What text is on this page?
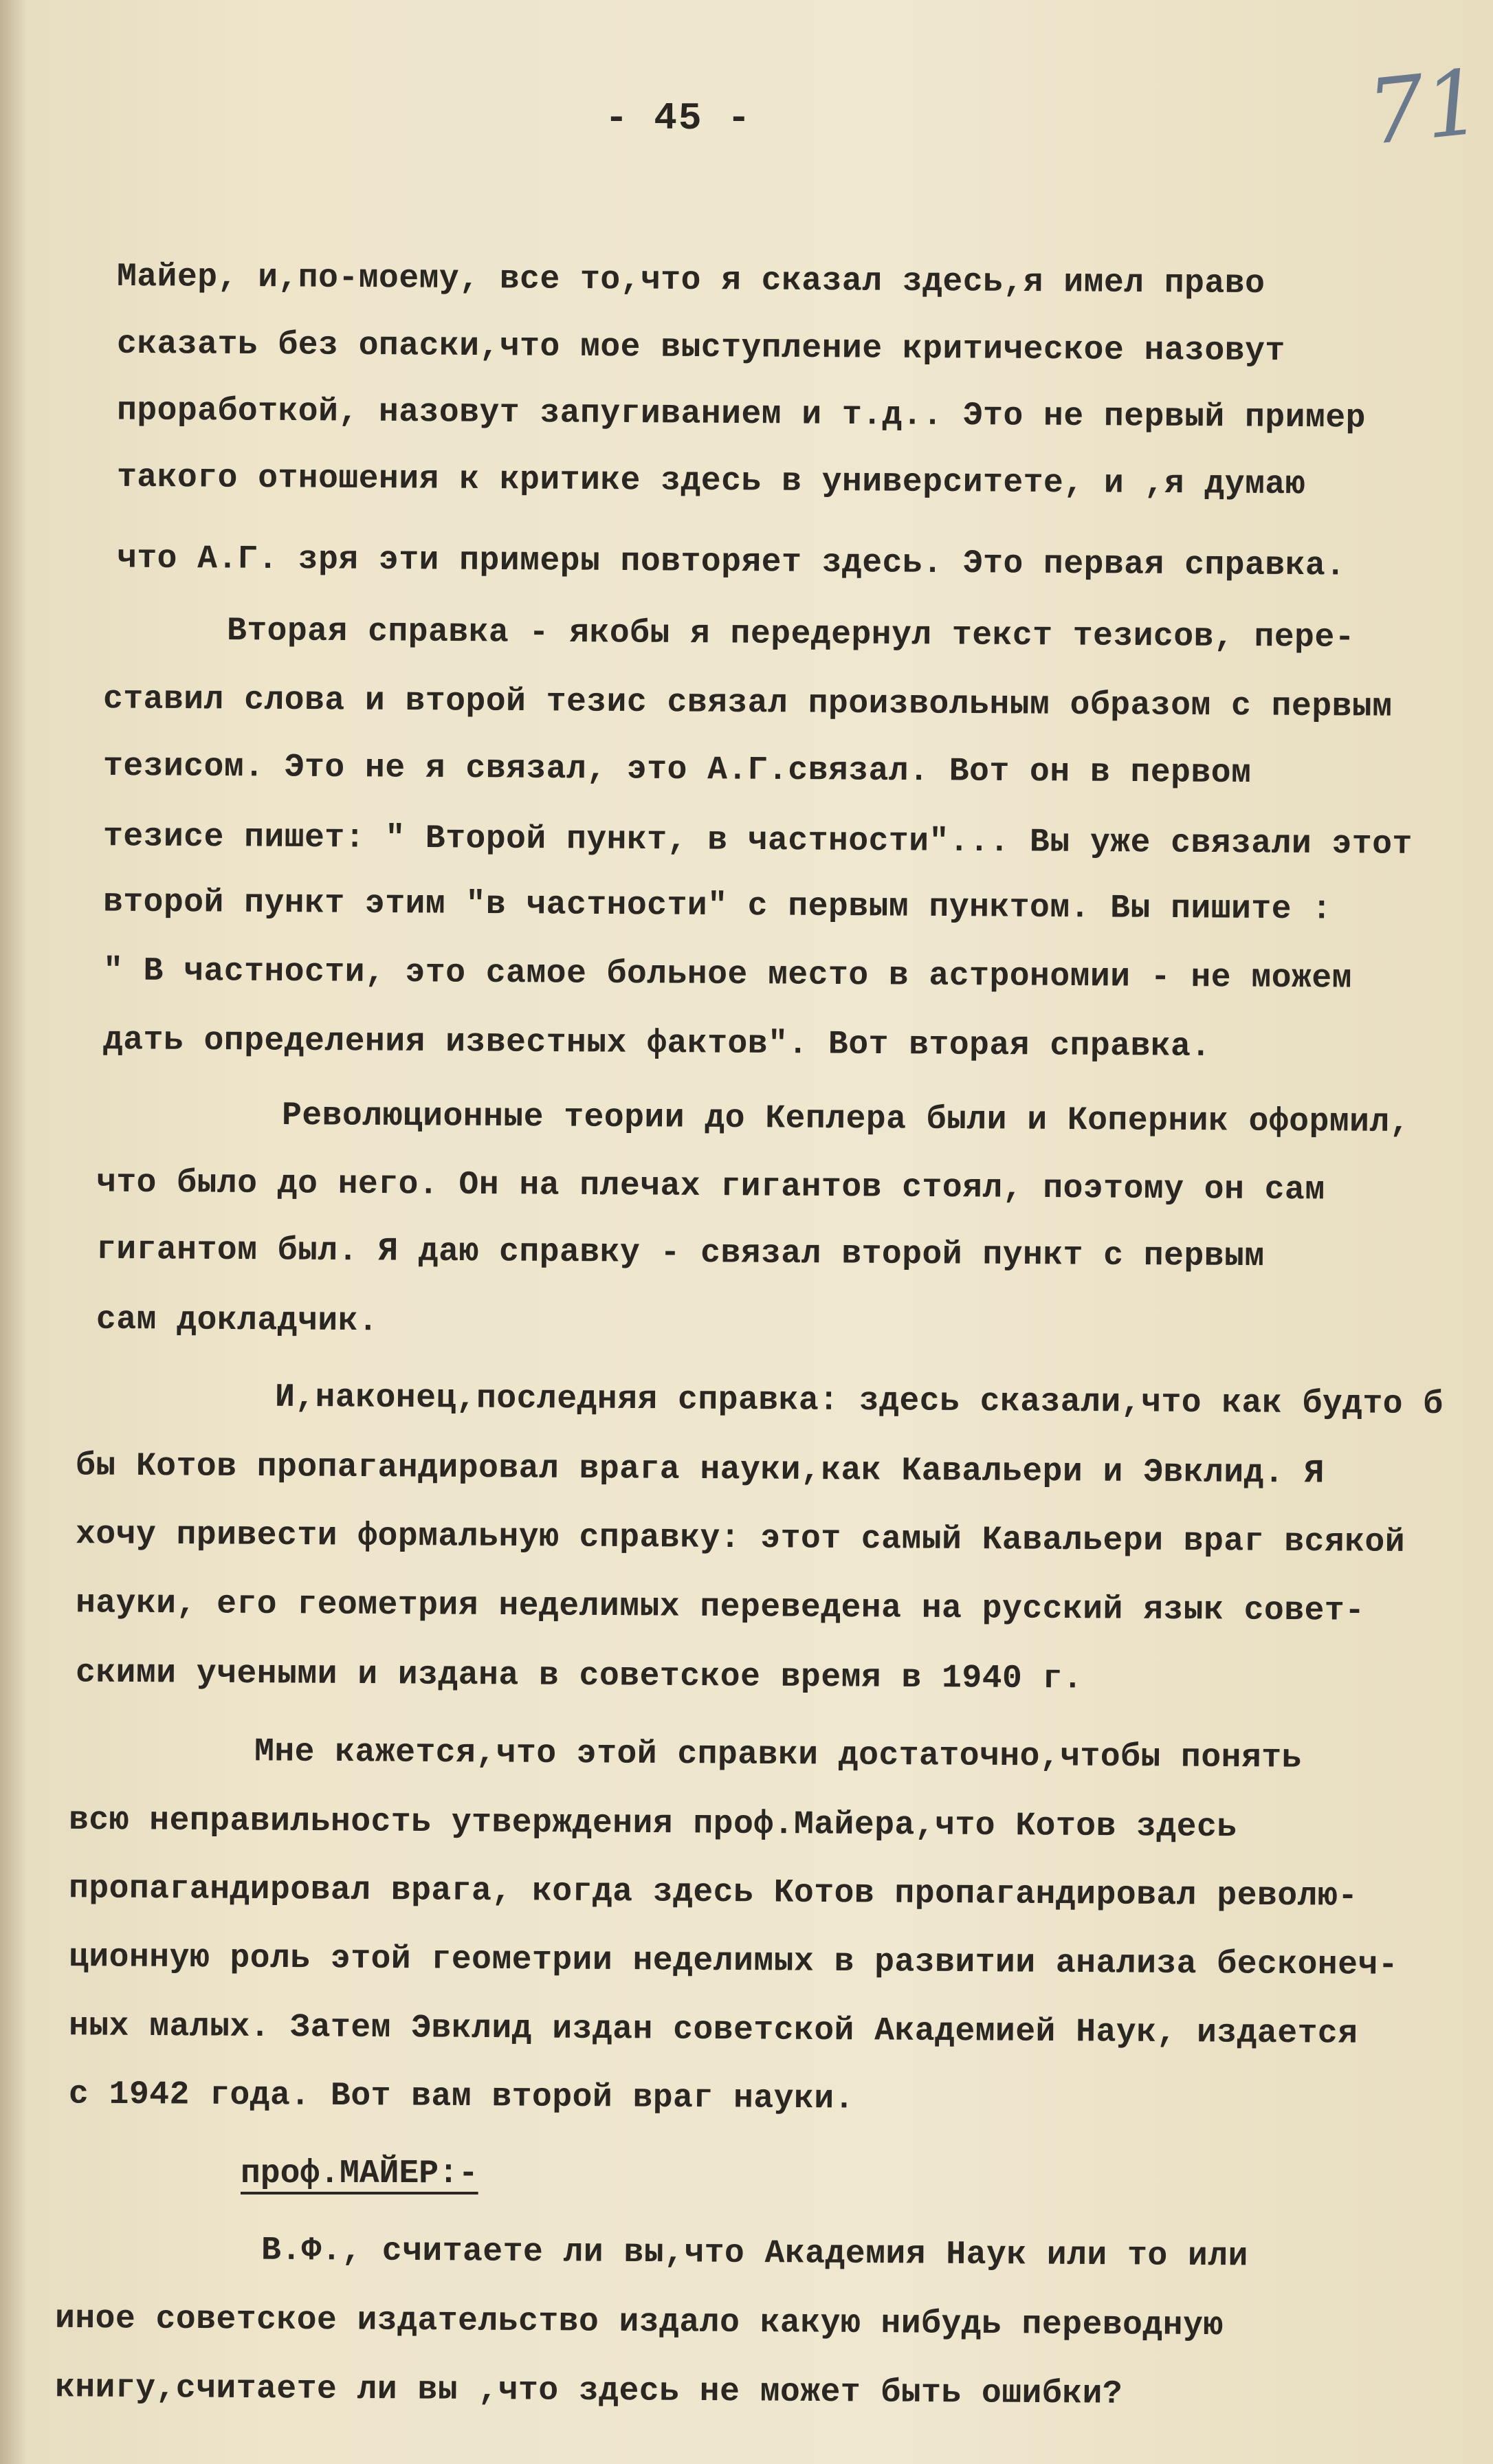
- 45 -	71
Майер, и,по-моему, все то,что я сказал здесь,я имел право
сказать без опаски,что мое выступление критическое назовут
проработкой, назовут запугиванием и т.д.. Это не первый пример
такого отношения к критике здесь в университете, и ,я думаю
что А.Г. зря эти примеры повторяет здесь. Это первая справка.
Вторая справка - якобы я передернул текст тезисов, пере-
ставил слова и второй тезис связал произвольным образом с первым
тезисом. Это не я связал, это А.Г.связал. Вот он в первом
тезисе пишет: " Второй пункт, в частности"... Вы уже связали этот
второй пункт этим "в частности" с первым пунктом. Вы пишите :
" В частности, это самое больное место в астрономии - не можем
дать определения известных фактов". Вот вторая справка.
Революционные теории до Кеплера были и Коперник оформил,
что было до него. Он на плечах гигантов стоял, поэтому он сам
гигантом был. Я даю справку - связал второй пункт с первым
сам докладчик.
И,наконец,последняя справка: здесь сказали,что как будто б
бы Котов пропагандировал врага науки,как Кавальери и Эвклид. Я
хочу привести формальную справку: этот самый Кавальери враг всякой
науки, его геометрия неделимых переведена на русский язык совет-
скими учеными и издана в советское время в 1940 г.
Мне кажется,что этой справки достаточно,чтобы понять
всю неправильность утверждения проф.Майера,что Котов здесь
пропагандировал врага, когда здесь Котов пропагандировал револю-
ционную роль этой геометрии неделимых в развитии анализа бесконеч-
ных малых. Затем Эвклид издан советской Академией Наук, издается
с 1942 года. Вот вам второй враг науки.
проф.МАЙЕР:-
В.Ф., считаете ли вы,что Академия Наук или то или
иное советское издательство издало какую нибудь переводную
книгу,считаете ли вы ,что здесь не может быть ошибки?
